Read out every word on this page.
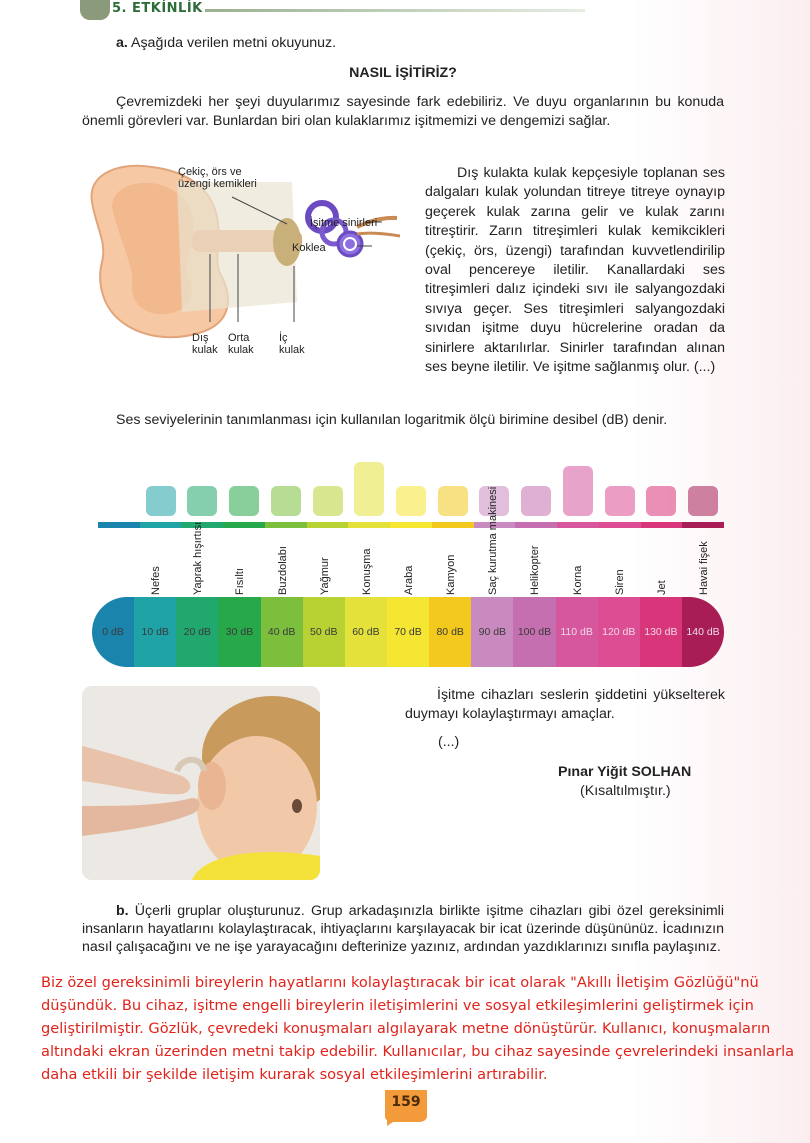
5. ETKİNLİK
a. Aşağıda verilen metni okuyunuz.
NASIL İŞİTİRİZ?
Çevremizdeki her şeyi duyularımız sayesinde fark edebiliriz. Ve duyu organlarının bu konuda önemli görevleri var. Bunlardan biri olan kulaklarımız işitmemizi ve dengemizi sağlar.
Çekiç, örs ve
üzengi kemikleri
İşitme sinirleri
Koklea
Dış
kulak
Orta
kulak
İç
kulak
Dış kulakta kulak kepçesiyle toplanan ses dalgaları kulak yolundan titreye titreye oynayıp geçerek kulak zarına gelir ve kulak zarını titreştirir. Zarın titreşimleri kulak kemikcikleri (çekiç, örs, üzengi) tarafından kuvvetlendirilip oval pencereye iletilir. Kanallardaki ses titreşimleri dalız içindeki sıvı ile salyangozdaki sıvıya geçer. Ses titreşimleri salyangozdaki sıvıdan işitme duyu hücrelerine oradan da sinirlere aktarılırlar. Sinirler tarafından alınan ses beyne iletilir. Ve işitme sağlanmış olur. (...)
Ses seviyelerinin tanımlanması için kullanılan logaritmik ölçü birimine desibel (dB) denir.
Nefes	Yaprak hışırtısı	Fısıltı	Buzdolabı	Yağmur	Konuşma	Araba	Kamyon	Saç kurutma makinesi	Helikopter	Korna	Siren	Jet	Havai fişek
0 dB	10 dB	20 dB	30 dB	40 dB	50 dB	60 dB	70 dB	80 dB	90 dB	100 dB 110 dB 120 dB 130 dB 140 dB
İşitme cihazları seslerin şiddetini yükselterek duymayı kolaylaştırmayı amaçlar.
(...)
Pınar Yiğit SOLHAN
(Kısaltılmıştır.)
b. Üçerli gruplar oluşturunuz. Grup arkadaşınızla birlikte işitme cihazları gibi özel gereksinimli insanların hayatlarını kolaylaştıracak, ihtiyaçlarını karşılayacak bir icat üzerinde düşününüz. İcadınızın nasıl çalışacağını ve ne işe yarayacağını defterinize yazınız, ardından yazdıklarınızı sınıfla paylaşınız.
Biz özel gereksinimli bireylerin hayatlarını kolaylaştıracak bir icat olarak "Akıllı İletişim Gözlüğü"nü düşündük. Bu cihaz, işitme engelli bireylerin iletişimlerini ve sosyal etkileşimlerini geliştirmek için geliştirilmiştir. Gözlük, çevredeki konuşmaları algılayarak metne dönüştürür. Kullanıcı, konuşmaların altındaki ekran üzerinden metni takip edebilir. Kullanıcılar, bu cihaz sayesinde çevrelerindeki insanlarla daha etkili bir şekilde iletişim kurarak sosyal etkileşimlerini artırabilir.
159
